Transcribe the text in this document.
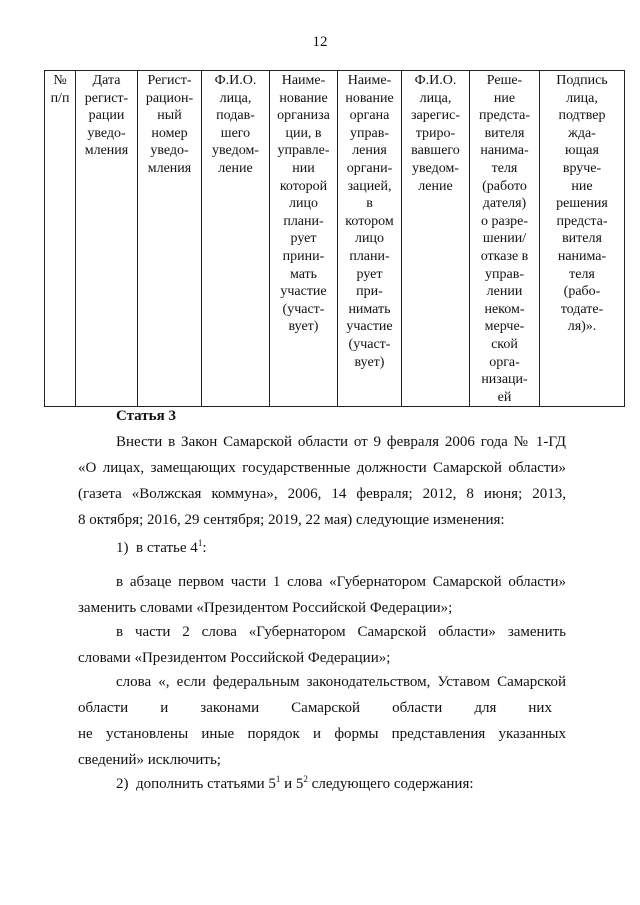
12
№
п/п

Дата
регист-
рации
уведо-
мления

Регист-
рацион-
ный
номер
уведо-
мления

Ф.И.О.
лица,
подав-
шего
уведом-
ление

Наиме-
нование
организа
ции, в
управле-
нии
которой
лицо
плани-
рует
прини-
мать
участие
(участ-
вует)

Наиме-
нование
органа
управ-
ления
органи-
зацией,
в
котором
лицо
плани-
рует
при-
нимать
участие
(участ-
вует)

Ф.И.О.
лица,
зарегис-
триро-
вавшего
уведом-
ление

Реше-
ние
предста-
вителя
нанима-
теля
(работо
дателя)
о разре-
шении/
отказе в
управ-
лении
неком-
мерче-
ской
орга-
низаци-
ей

Подпись
лица,
подтвер
жда-
ющая
вруче-
ние
решения
предста-
вителя
нанима-
теля
(рабо-
тодате-
ля)».
Статья 3
Внести в Закон Самарской области от 9 февраля 2006 года № 1-ГД
«О лицах, замещающих государственные должности Самарской области»
(газета «Волжская коммуна», 2006, 14 февраля; 2012, 8 июня; 2013,
8 октября; 2016, 29 сентября; 2019, 22 мая) следующие изменения:
1) в статье $4^1$:
в абзаце первом части 1 слова «Губернатором Самарской области»
заменить словами «Президентом Российской Федерации»;
в части 2 слова «Губернатором Самарской области» заменить
словами «Президентом Российской Федерации»;
слова «, если федеральным законодательством, Уставом Самарской
области и законами Самарской области для них
не установлены иные порядок и формы представления указанных
сведений» исключить;
2) дополнить статьями $5^1$ и $5^2$ следующего содержания:
